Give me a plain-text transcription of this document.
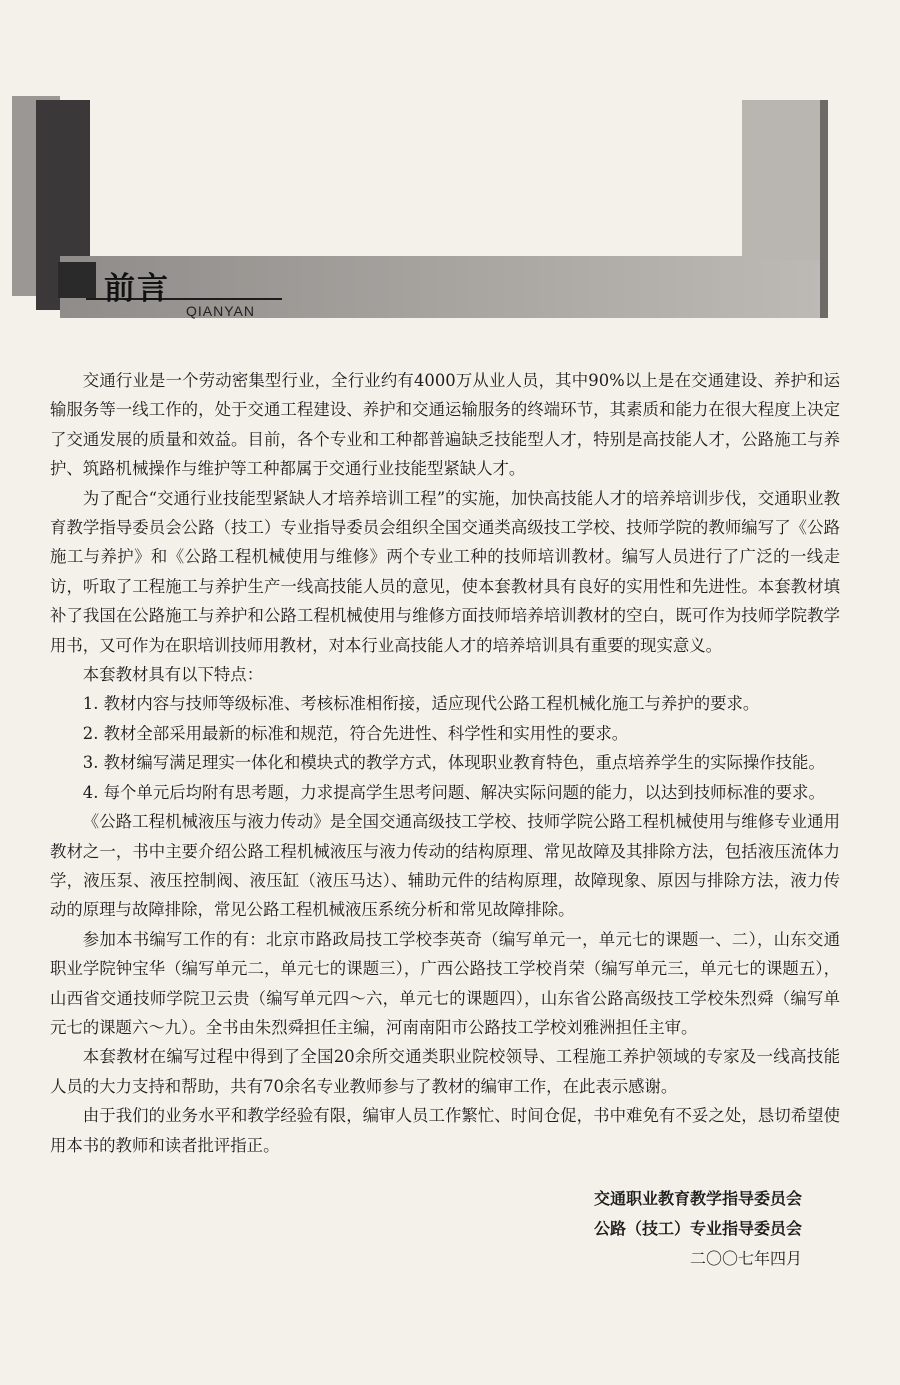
前言
QIANYAN

交通行业是一个劳动密集型行业，全行业约有4000万从业人员，其中90%以上是在交通建设、养护和运输服务等一线工作的，处于交通工程建设、养护和交通运输服务的终端环节，其素质和能力在很大程度上决定了交通发展的质量和效益。目前，各个专业和工种都普遍缺乏技能型人才，特别是高技能人才，公路施工与养护、筑路机械操作与维护等工种都属于交通行业技能型紧缺人才。

为了配合“交通行业技能型紧缺人才培养培训工程”的实施，加快高技能人才的培养培训步伐，交通职业教育教学指导委员会公路（技工）专业指导委员会组织全国交通类高级技工学校、技师学院的教师编写了《公路施工与养护》和《公路工程机械使用与维修》两个专业工种的技师培训教材。编写人员进行了广泛的一线走访，听取了工程施工与养护生产一线高技能人员的意见，使本套教材具有良好的实用性和先进性。本套教材填补了我国在公路施工与养护和公路工程机械使用与维修方面技师培养培训教材的空白，既可作为技师学院教学用书，又可作为在职培训技师用教材，对本行业高技能人才的培养培训具有重要的现实意义。

本套教材具有以下特点：

1. 教材内容与技师等级标准、考核标准相衔接，适应现代公路工程机械化施工与养护的要求。

2. 教材全部采用最新的标准和规范，符合先进性、科学性和实用性的要求。

3. 教材编写满足理实一体化和模块式的教学方式，体现职业教育特色，重点培养学生的实际操作技能。

4. 每个单元后均附有思考题，力求提高学生思考问题、解决实际问题的能力，以达到技师标准的要求。

《公路工程机械液压与液力传动》是全国交通高级技工学校、技师学院公路工程机械使用与维修专业通用教材之一，书中主要介绍公路工程机械液压与液力传动的结构原理、常见故障及其排除方法，包括液压流体力学，液压泵、液压控制阀、液压缸（液压马达）、辅助元件的结构原理，故障现象、原因与排除方法，液力传动的原理与故障排除，常见公路工程机械液压系统分析和常见故障排除。

参加本书编写工作的有：北京市路政局技工学校李英奇（编写单元一，单元七的课题一、二），山东交通职业学院钟宝华（编写单元二，单元七的课题三），广西公路技工学校肖荣（编写单元三，单元七的课题五），山西省交通技师学院卫云贵（编写单元四～六，单元七的课题四），山东省公路高级技工学校朱烈舜（编写单元七的课题六～九）。全书由朱烈舜担任主编，河南南阳市公路技工学校刘雅洲担任主审。

本套教材在编写过程中得到了全国20余所交通类职业院校领导、工程施工养护领域的专家及一线高技能人员的大力支持和帮助，共有70余名专业教师参与了教材的编审工作，在此表示感谢。

由于我们的业务水平和教学经验有限，编审人员工作繁忙、时间仓促，书中难免有不妥之处，恳切希望使用本书的教师和读者批评指正。

交通职业教育教学指导委员会
公路（技工）专业指导委员会
二〇〇七年四月
